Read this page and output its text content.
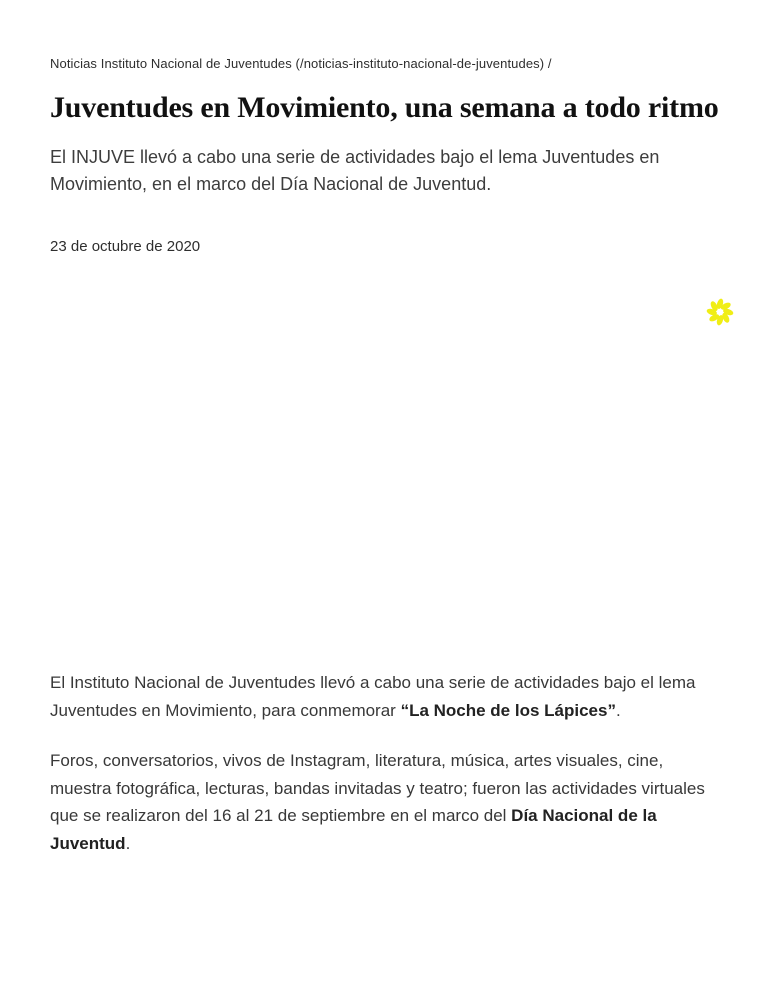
Noticias Instituto Nacional de Juventudes (/noticias-instituto-nacional-de-juventudes) /
Juventudes en Movimiento, una semana a todo ritmo

El INJUVE llevó a cabo una serie de actividades bajo el lema Juventudes en Movimiento, en el marco del Día Nacional de Juventud.

23 de octubre de 2020

El Instituto Nacional de Juventudes llevó a cabo una serie de actividades bajo el lema Juventudes en Movimiento, para conmemorar “La Noche de los Lápices”.

Foros, conversatorios, vivos de Instagram, literatura, música, artes visuales, cine, muestra fotográfica, lecturas, bandas invitadas y teatro; fueron las actividades virtuales que se realizaron del 16 al 21 de septiembre en el marco del Día Nacional de la Juventud.
